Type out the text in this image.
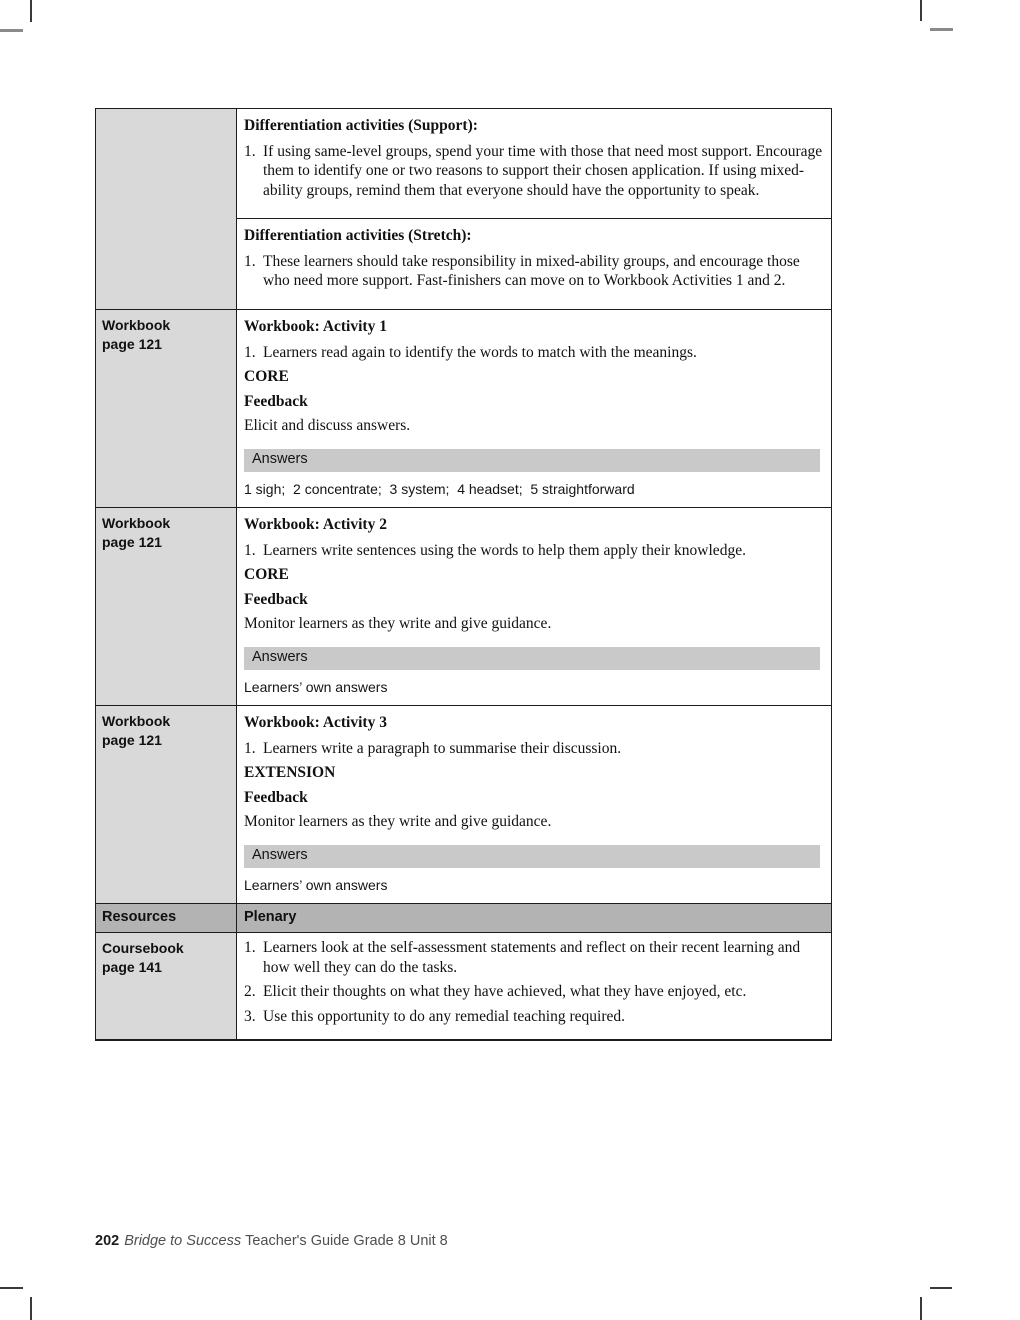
Differentiation activities (Support):
1. If using same-level groups, spend your time with those that need most support. Encourage them to identify one or two reasons to support their chosen application. If using mixed-ability groups, remind them that everyone should have the opportunity to speak.
Differentiation activities (Stretch):
1. These learners should take responsibility in mixed-ability groups, and encourage those who need more support. Fast-finishers can move on to Workbook Activities 1 and 2.
Workbook
page 121
Workbook: Activity 1
1. Learners read again to identify the words to match with the meanings.
CORE
Feedback
Elicit and discuss answers.
Answers
1 sigh;  2 concentrate;  3 system;  4 headset;  5 straightforward
Workbook
page 121
Workbook: Activity 2
1. Learners write sentences using the words to help them apply their knowledge.
CORE
Feedback
Monitor learners as they write and give guidance.
Answers
Learners’ own answers
Workbook
page 121
Workbook: Activity 3
1. Learners write a paragraph to summarise their discussion.
EXTENSION
Feedback
Monitor learners as they write and give guidance.
Answers
Learners’ own answers
Resources	Plenary
Coursebook
page 141
1. Learners look at the self-assessment statements and reflect on their recent learning and how well they can do the tasks.
2. Elicit their thoughts on what they have achieved, what they have enjoyed, etc.
3. Use this opportunity to do any remedial teaching required.
202 Bridge to Success Teacher's Guide Grade 8 Unit 8
